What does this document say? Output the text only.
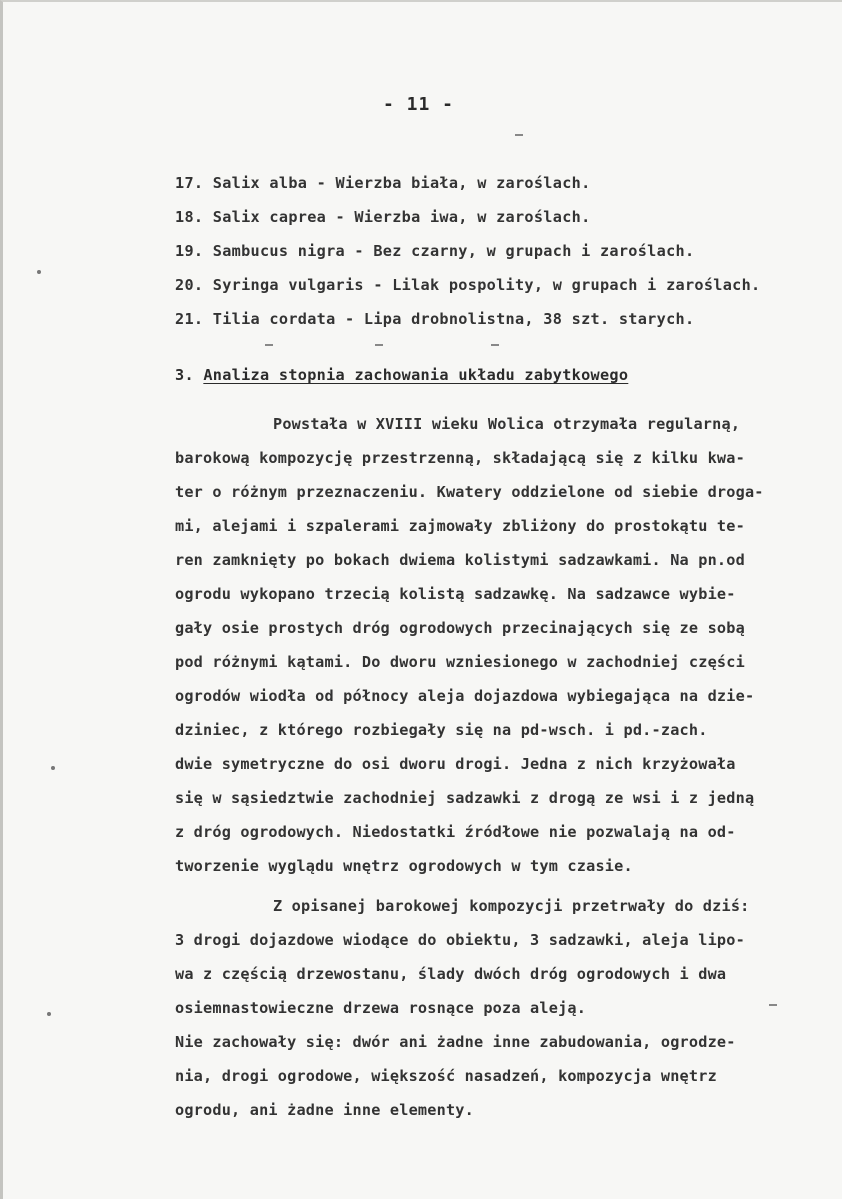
- 11 -
17. Salix alba - Wierzba biała, w zaroślach.
18. Salix caprea - Wierzba iwa, w zaroślach.
19. Sambucus nigra - Bez czarny, w grupach i zaroślach.
20. Syringa vulgaris - Lilak pospolity, w grupach i zaroślach.
21. Tilia cordata - Lipa drobnolistna, 38 szt. starych.
3. Analiza stopnia zachowania układu zabytkowego
Powstała w XVIII wieku Wolica otrzymała regularną,
barokową kompozycję przestrzenną, składającą się z kilku kwa-
ter o różnym przeznaczeniu. Kwatery oddzielone od siebie droga-
mi, alejami i szpalerami zajmowały zbliżony do prostokątu te-
ren zamknięty po bokach dwiema kolistymi sadzawkami. Na pn.od
ogrodu wykopano trzecią kolistą sadzawkę. Na sadzawce wybie-
gały osie prostych dróg ogrodowych przecinających się ze sobą
pod różnymi kątami. Do dworu wzniesionego w zachodniej części
ogrodów wiodła od północy aleja dojazdowa wybiegająca na dzie-
dziniec, z którego rozbiegały się na pd-wsch. i pd.-zach.
dwie symetryczne do osi dworu drogi. Jedna z nich krzyżowała
się w sąsiedztwie zachodniej sadzawki z drogą ze wsi i z jedną
z dróg ogrodowych. Niedostatki źródłowe nie pozwalają na od-
tworzenie wyglądu wnętrz ogrodowych w tym czasie.
Z opisanej barokowej kompozycji przetrwały do dziś:
3 drogi dojazdowe wiodące do obiektu, 3 sadzawki, aleja lipo-
wa z częścią drzewostanu, ślady dwóch dróg ogrodowych i dwa
osiemnastowieczne drzewa rosnące poza aleją.
Nie zachowały się: dwór ani żadne inne zabudowania, ogrodze-
nia, drogi ogrodowe, większość nasadzeń, kompozycja wnętrz
ogrodu, ani żadne inne elementy.
